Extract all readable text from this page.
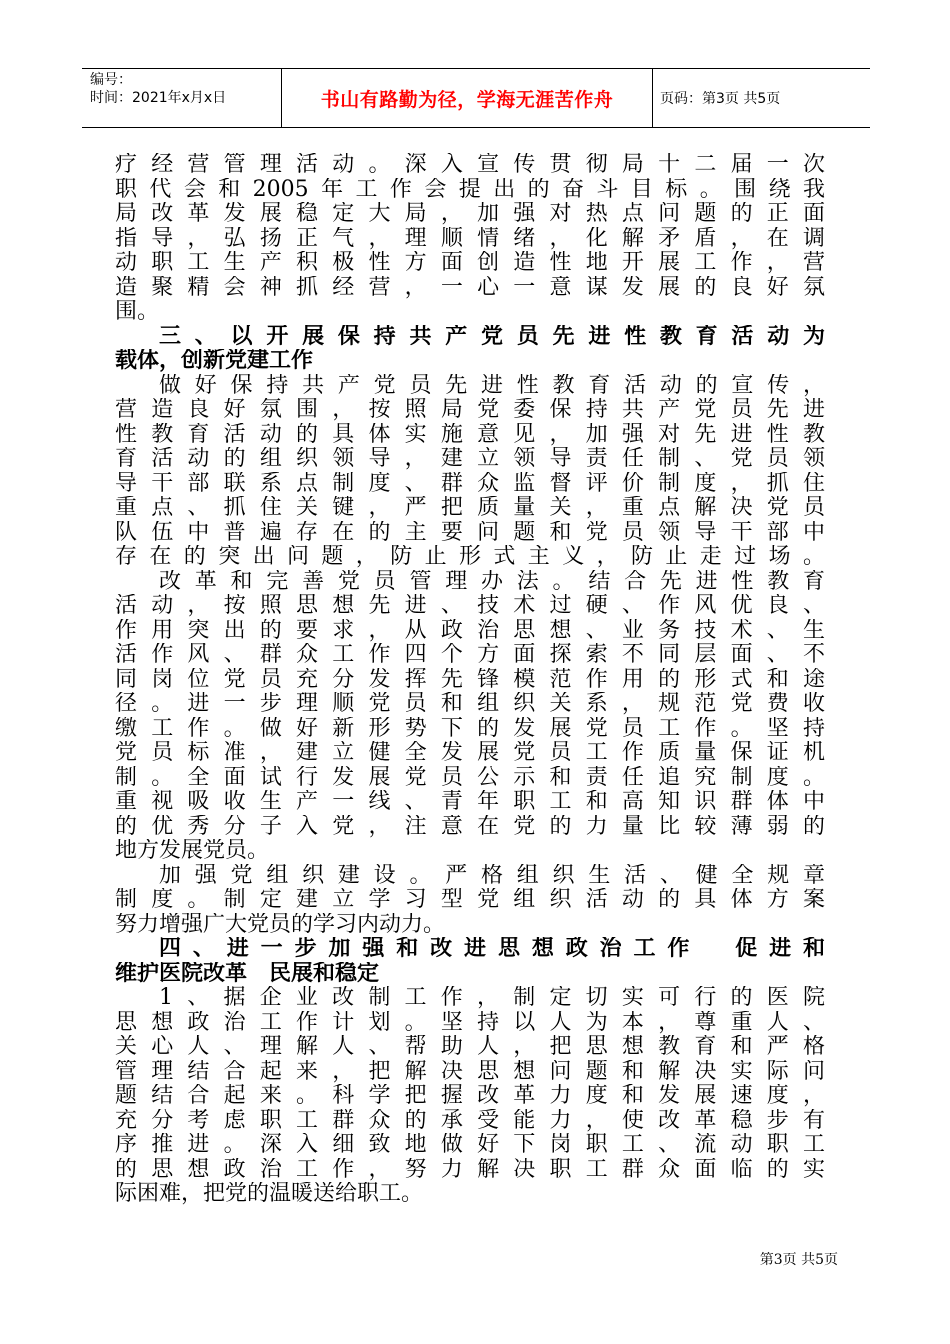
编号：
时间：2021年x月x日	书山有路勤为径，学海无涯苦作舟	页码：第3页 共5页
疗经营管理活动。深入宣传贯彻局十二届一次
职代会和2005年工作会提出的奋斗目标。围绕我
局改革发展稳定大局，加强对热点问题的正面
指导，弘扬正气，理顺情绪，化解矛盾，在调
动职工生产积极性方面创造性地开展工作，营
造聚精会神抓经营，一心一意谋发展的良好氛
围。
三、以开展保持共产党员先进性教育活动为
载体，创新党建工作
做好保持共产党员先进性教育活动的宣传，
营造良好氛围，按照局党委保持共产党员先进
性教育活动的具体实施意见，加强对先进性教
育活动的组织领导，建立领导责任制、党员领
导干部联系点制度、群众监督评价制度，抓住
重点、抓住关键，严把质量关，重点解决党员
队伍中普遍存在的主要问题和党员领导干部中
存在的突出问题，防止形式主义，防止走过场。
改革和完善党员管理办法。结合先进性教育
活动，按照思想先进、技术过硬、作风优良、
作用突出的要求，从政治思想、业务技术、生
活作风、群众工作四个方面探索不同层面、不
同岗位党员充分发挥先锋模范作用的形式和途
径。进一步理顺党员和组织关系，规范党费收
缴工作。做好新形势下的发展党员工作。坚持
党员标准，建立健全发展党员工作质量保证机
制。全面试行发展党员公示和责任追究制度。
重视吸收生产一线、青年职工和高知识群体中
的优秀分子入党，注意在党的力量比较薄弱的
地方发展党员。
加强党组织建设。严格组织生活、健全规章
制度。制定建立学习型党组织活动的具体方案
努力增强广大党员的学习内动力。
四、进一步加强和改进思想政治工作　促进和
维护医院改革　民展和稳定
1、据企业改制工作，制定切实可行的医院
思想政治工作计划。坚持以人为本，尊重人、
关心人、理解人、帮助人，把思想教育和严格
管理结合起来，把解决思想问题和解决实际问
题结合起来。科学把握改革力度和发展速度，
充分考虑职工群众的承受能力，使改革稳步有
序推进。深入细致地做好下岗职工、流动职工
的思想政治工作，努力解决职工群众面临的实
际困难，把党的温暖送给职工。
第3页 共5页
